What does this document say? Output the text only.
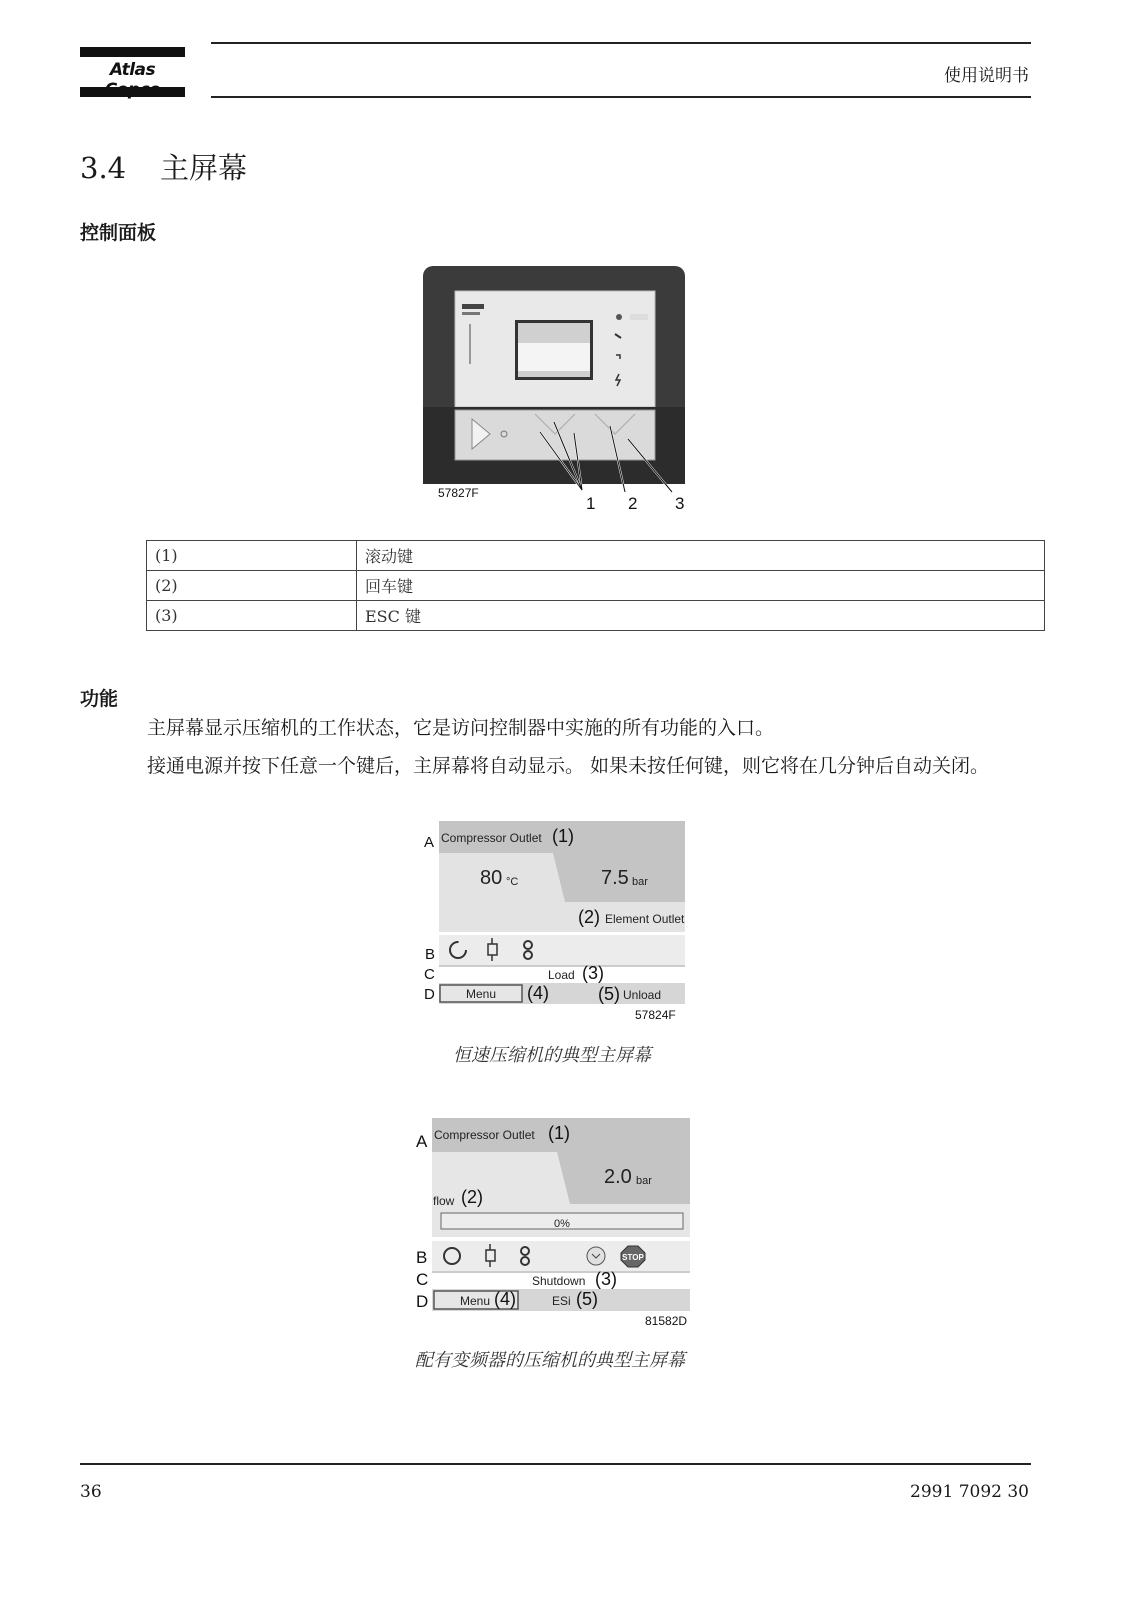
Atlas	使用说明书
3.4 主屏幕
控制面板
57827F
1 2 3
(1)	滚动键
(2)	回车键
(3)	ESC 键
功能
主屏幕显示压缩机的工作状态，它是访问控制器中实施的所有功能的入口。
接通电源并按下任意一个键后，主屏幕将自动显示。 如果未按任何键，则它将在几分钟后自动关闭。
A
B
C
D
Compressor Outlet (1)
80 °C	7.5 bar
(2) Element Outlet
Load (3)
Menu (4)	(5) Unload
57824F
恒速压缩机的典型主屏幕
STOP
A
B
C
D
Compressor Outlet (1)
2.0 bar
flow (2)
0%
Shutdown (3)
Menu (4)	ESi (5)
81582D
配有变频器的压缩机的典型主屏幕
36	2991 7092 30
